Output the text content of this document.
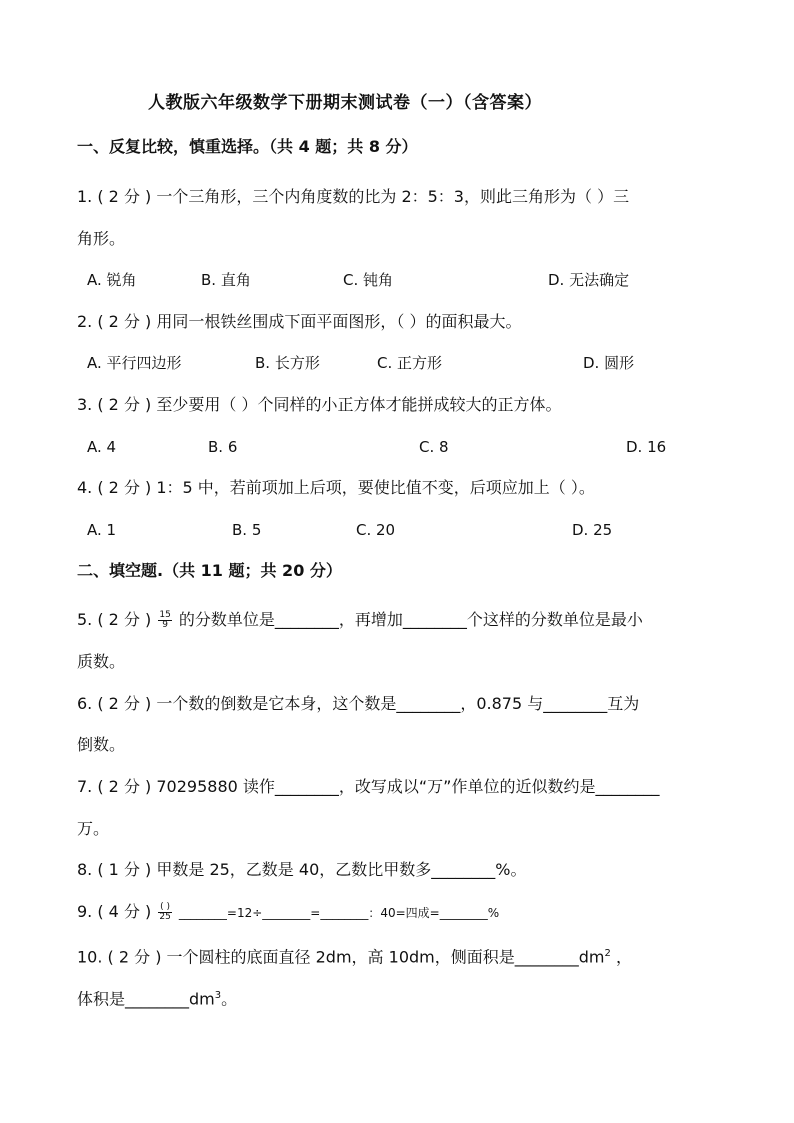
人教版六年级数学下册期末测试卷（一）（含答案）
一、反复比较，慎重选择。（共 4 题；共 8 分）
1. ( 2 分 ) 一个三角形，三个内角度数的比为 2：5：3，则此三角形为（ ）三
角形。
A. 锐角	B. 直角	C. 钝角	D. 无法确定
2. ( 2 分 ) 用同一根铁丝围成下面平面图形，（ ）的面积最大。
A. 平行四边形	B. 长方形	C. 正方形	D. 圆形
3. ( 2 分 ) 至少要用（ ）个同样的小正方体才能拼成较大的正方体。
A. 4	B. 6	C. 8	D. 16
4. ( 2 分 ) 1：5 中，若前项加上后项，要使比值不变，后项应加上（ ）。
A. 1	B. 5	C. 20	D. 25
二、填空题.（共 11 题；共 20 分）
5. ( 2 分 ) $\frac{15}{9}$ 的分数单位是________，再增加________个这样的分数单位是最小
质数。
6. ( 2 分 ) 一个数的倒数是它本身，这个数是________，0.875 与________互为
倒数。
7. ( 2 分 ) 70295880 读作________，改写成以“万”作单位的近似数约是________
万。
8. ( 1 分 ) 甲数是 25，乙数是 40，乙数比甲数多________%。
9. ( 4 分 ) $\frac{( )}{25}$ ________=12÷________=________：40=四成=________%
10. ( 2 分 ) 一个圆柱的底面直径 2dm，高 10dm，侧面积是$\_\_\_\_\_\_\_\_dm^2$ ，
体积是$\_\_\_\_\_\_\_\_dm^3$。
